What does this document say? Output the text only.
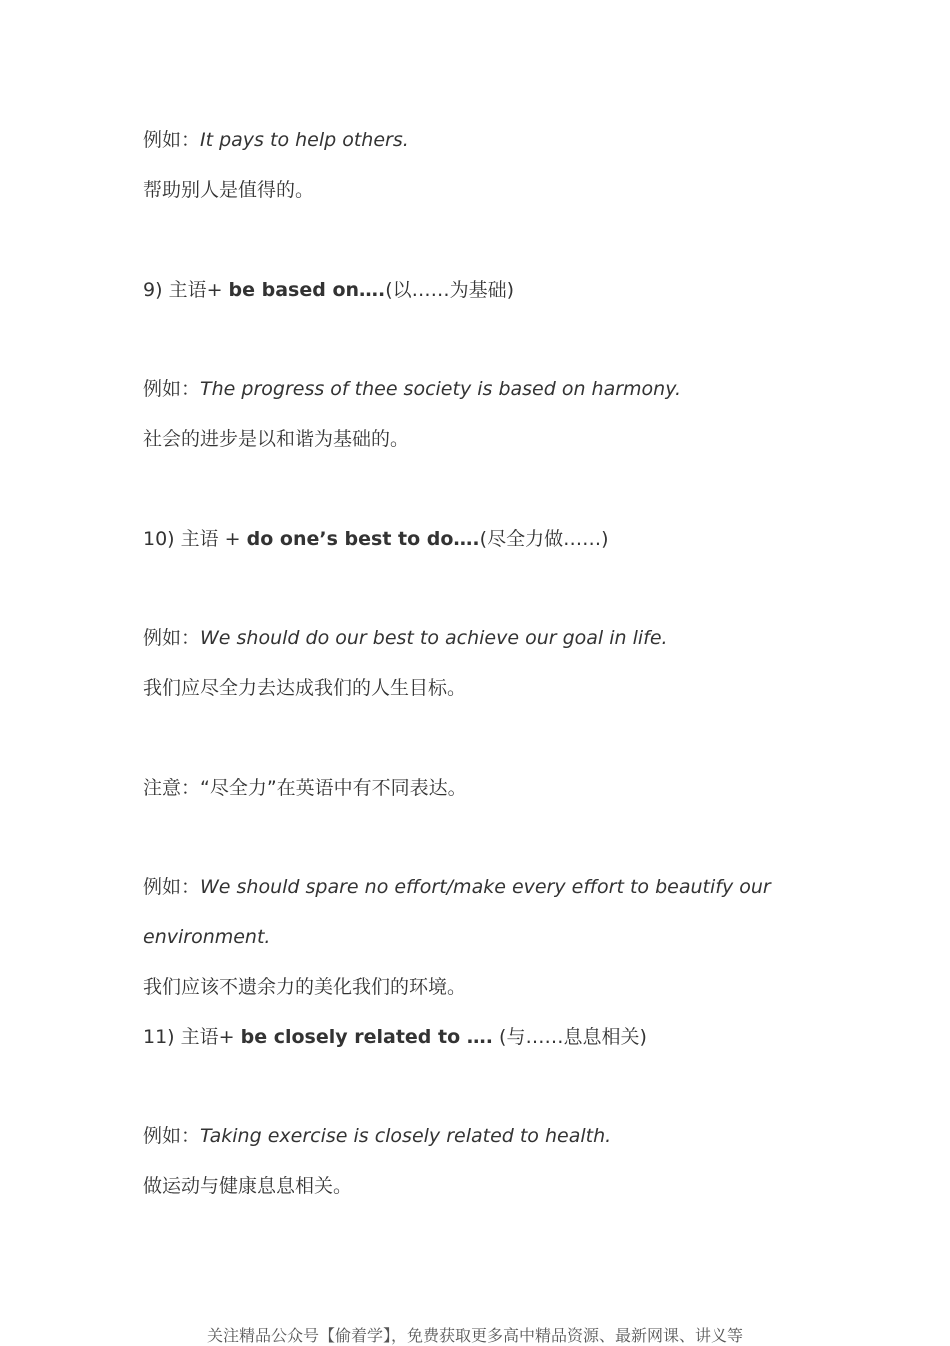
例如：It pays to help others.
帮助别人是值得的。
9) 主语+ be based on….(以……为基础)
例如：The progress of thee society is based on harmony.
社会的进步是以和谐为基础的。
10) 主语 + do one’s best to do….(尽全力做……)
例如：We should do our best to achieve our goal in life.
我们应尽全力去达成我们的人生目标。
注意：“尽全力”在英语中有不同表达。
例如：We should spare no effort/make every effort to beautify our
environment.
我们应该不遗余力的美化我们的环境。
11) 主语+ be closely related to …. (与……息息相关)
例如：Taking exercise is closely related to health.
做运动与健康息息相关。
关注精品公众号【偷着学】，免费获取更多高中精品资源、最新网课、讲义等
